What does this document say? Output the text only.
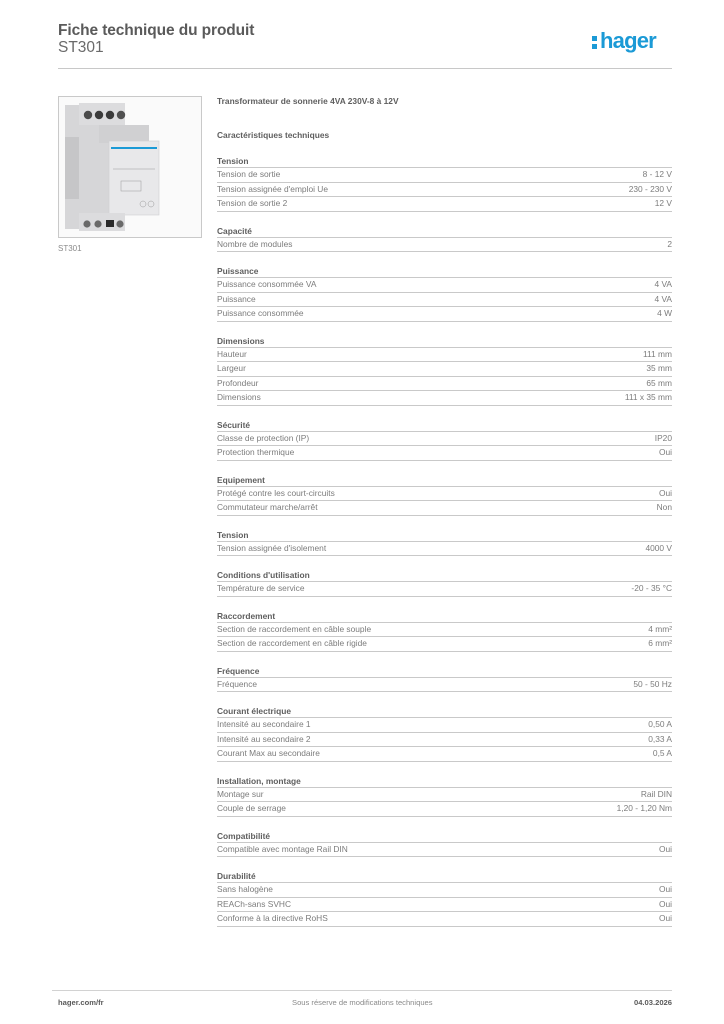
Fiche technique du produit
ST301	hager
ST301
Transformateur de sonnerie 4VA 230V-8 à 12V
Caractéristiques techniques
Tension
Tension de sortie	8 - 12 V
Tension assignée d'emploi Ue	230 - 230 V
Tension de sortie 2	12 V
Capacité
Nombre de modules	2
Puissance
Puissance consommée VA	4 VA
Puissance	4 VA
Puissance consommée	4 W
Dimensions
Hauteur	111 mm
Largeur	35 mm
Profondeur	65 mm
Dimensions	111 x 35 mm
Sécurité
Classe de protection (IP)	IP20
Protection thermique	Oui
Equipement
Protégé contre les court-circuits	Oui
Commutateur marche/arrêt	Non
Tension
Tension assignée d'isolement	4000 V
Conditions d'utilisation
Température de service	-20 - 35 °C
Raccordement
Section de raccordement en câble souple	4 mm²
Section de raccordement en câble rigide	6 mm²
Fréquence
Fréquence	50 - 50 Hz
Courant électrique
Intensité au secondaire 1	0,50 A
Intensité au secondaire 2	0,33 A
Courant Max au secondaire	0,5 A
Installation, montage
Montage sur	Rail DIN
Couple de serrage	1,20 - 1,20 Nm
Compatibilité
Compatible avec montage Rail DIN	Oui
Durabilité
Sans halogène	Oui
REACh-sans SVHC	Oui
Conforme à la directive RoHS	Oui
hager.com/fr	Sous réserve de modifications techniques	04.03.2026
